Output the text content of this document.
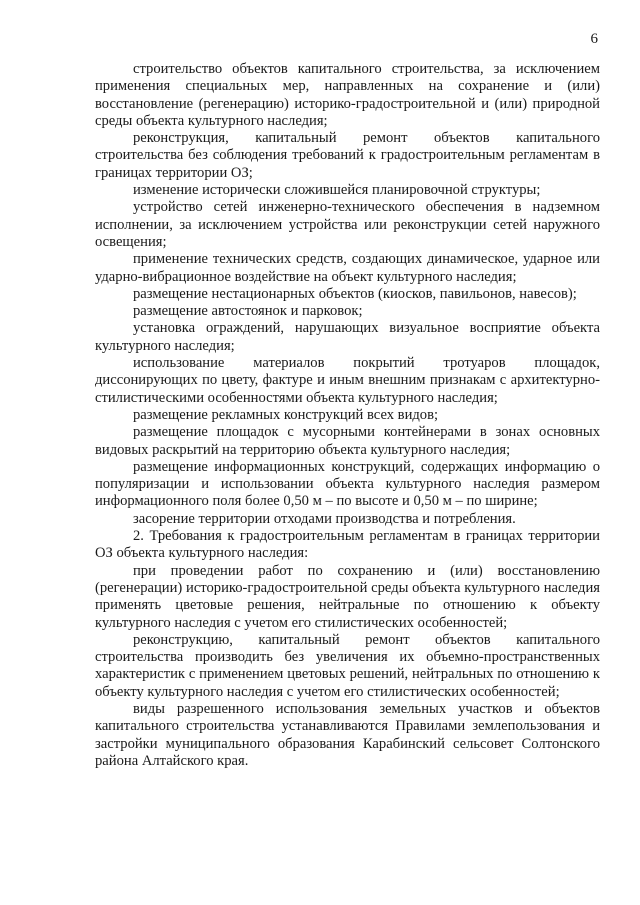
6

строительство объектов капитального строительства, за исключением применения специальных мер, направленных на сохранение и (или) восстановление (регенерацию) историко-градостроительной и (или) природной среды объекта культурного наследия;

реконструкция, капитальный ремонт объектов капитального строительства без соблюдения требований к градостроительным регламентам в границах территории ОЗ;

изменение исторически сложившейся планировочной структуры;

устройство сетей инженерно-технического обеспечения в надземном исполнении, за исключением устройства или реконструкции сетей наружного освещения;

применение технических средств, создающих динамическое, ударное или ударно-вибрационное воздействие на объект культурного наследия;

размещение нестационарных объектов (киосков, павильонов, навесов);

размещение автостоянок и парковок;

установка ограждений, нарушающих визуальное восприятие объекта культурного наследия;

использование материалов покрытий тротуаров площадок, диссонирующих по цвету, фактуре и иным внешним признакам с архитектурно-стилистическими особенностями объекта культурного наследия;

размещение рекламных конструкций всех видов;

размещение площадок с мусорными контейнерами в зонах основных видовых раскрытий на территорию объекта культурного наследия;

размещение информационных конструкций, содержащих информацию о популяризации и использовании объекта культурного наследия размером информационного поля более 0,50 м – по высоте и 0,50 м – по ширине;

засорение территории отходами производства и потребления.

2. Требования к градостроительным регламентам в границах территории ОЗ объекта культурного наследия:

при проведении работ по сохранению и (или) восстановлению (регенерации) историко-градостроительной среды объекта культурного наследия применять цветовые решения, нейтральные по отношению к объекту культурного наследия с учетом его стилистических особенностей;

реконструкцию, капитальный ремонт объектов капитального строительства производить без увеличения их объемно-пространственных характеристик с применением цветовых решений, нейтральных по отношению к объекту культурного наследия с учетом его стилистических особенностей;

виды разрешенного использования земельных участков и объектов капитального строительства устанавливаются Правилами землепользования и застройки муниципального образования Карабинский сельсовет Солтонского района Алтайского края.
